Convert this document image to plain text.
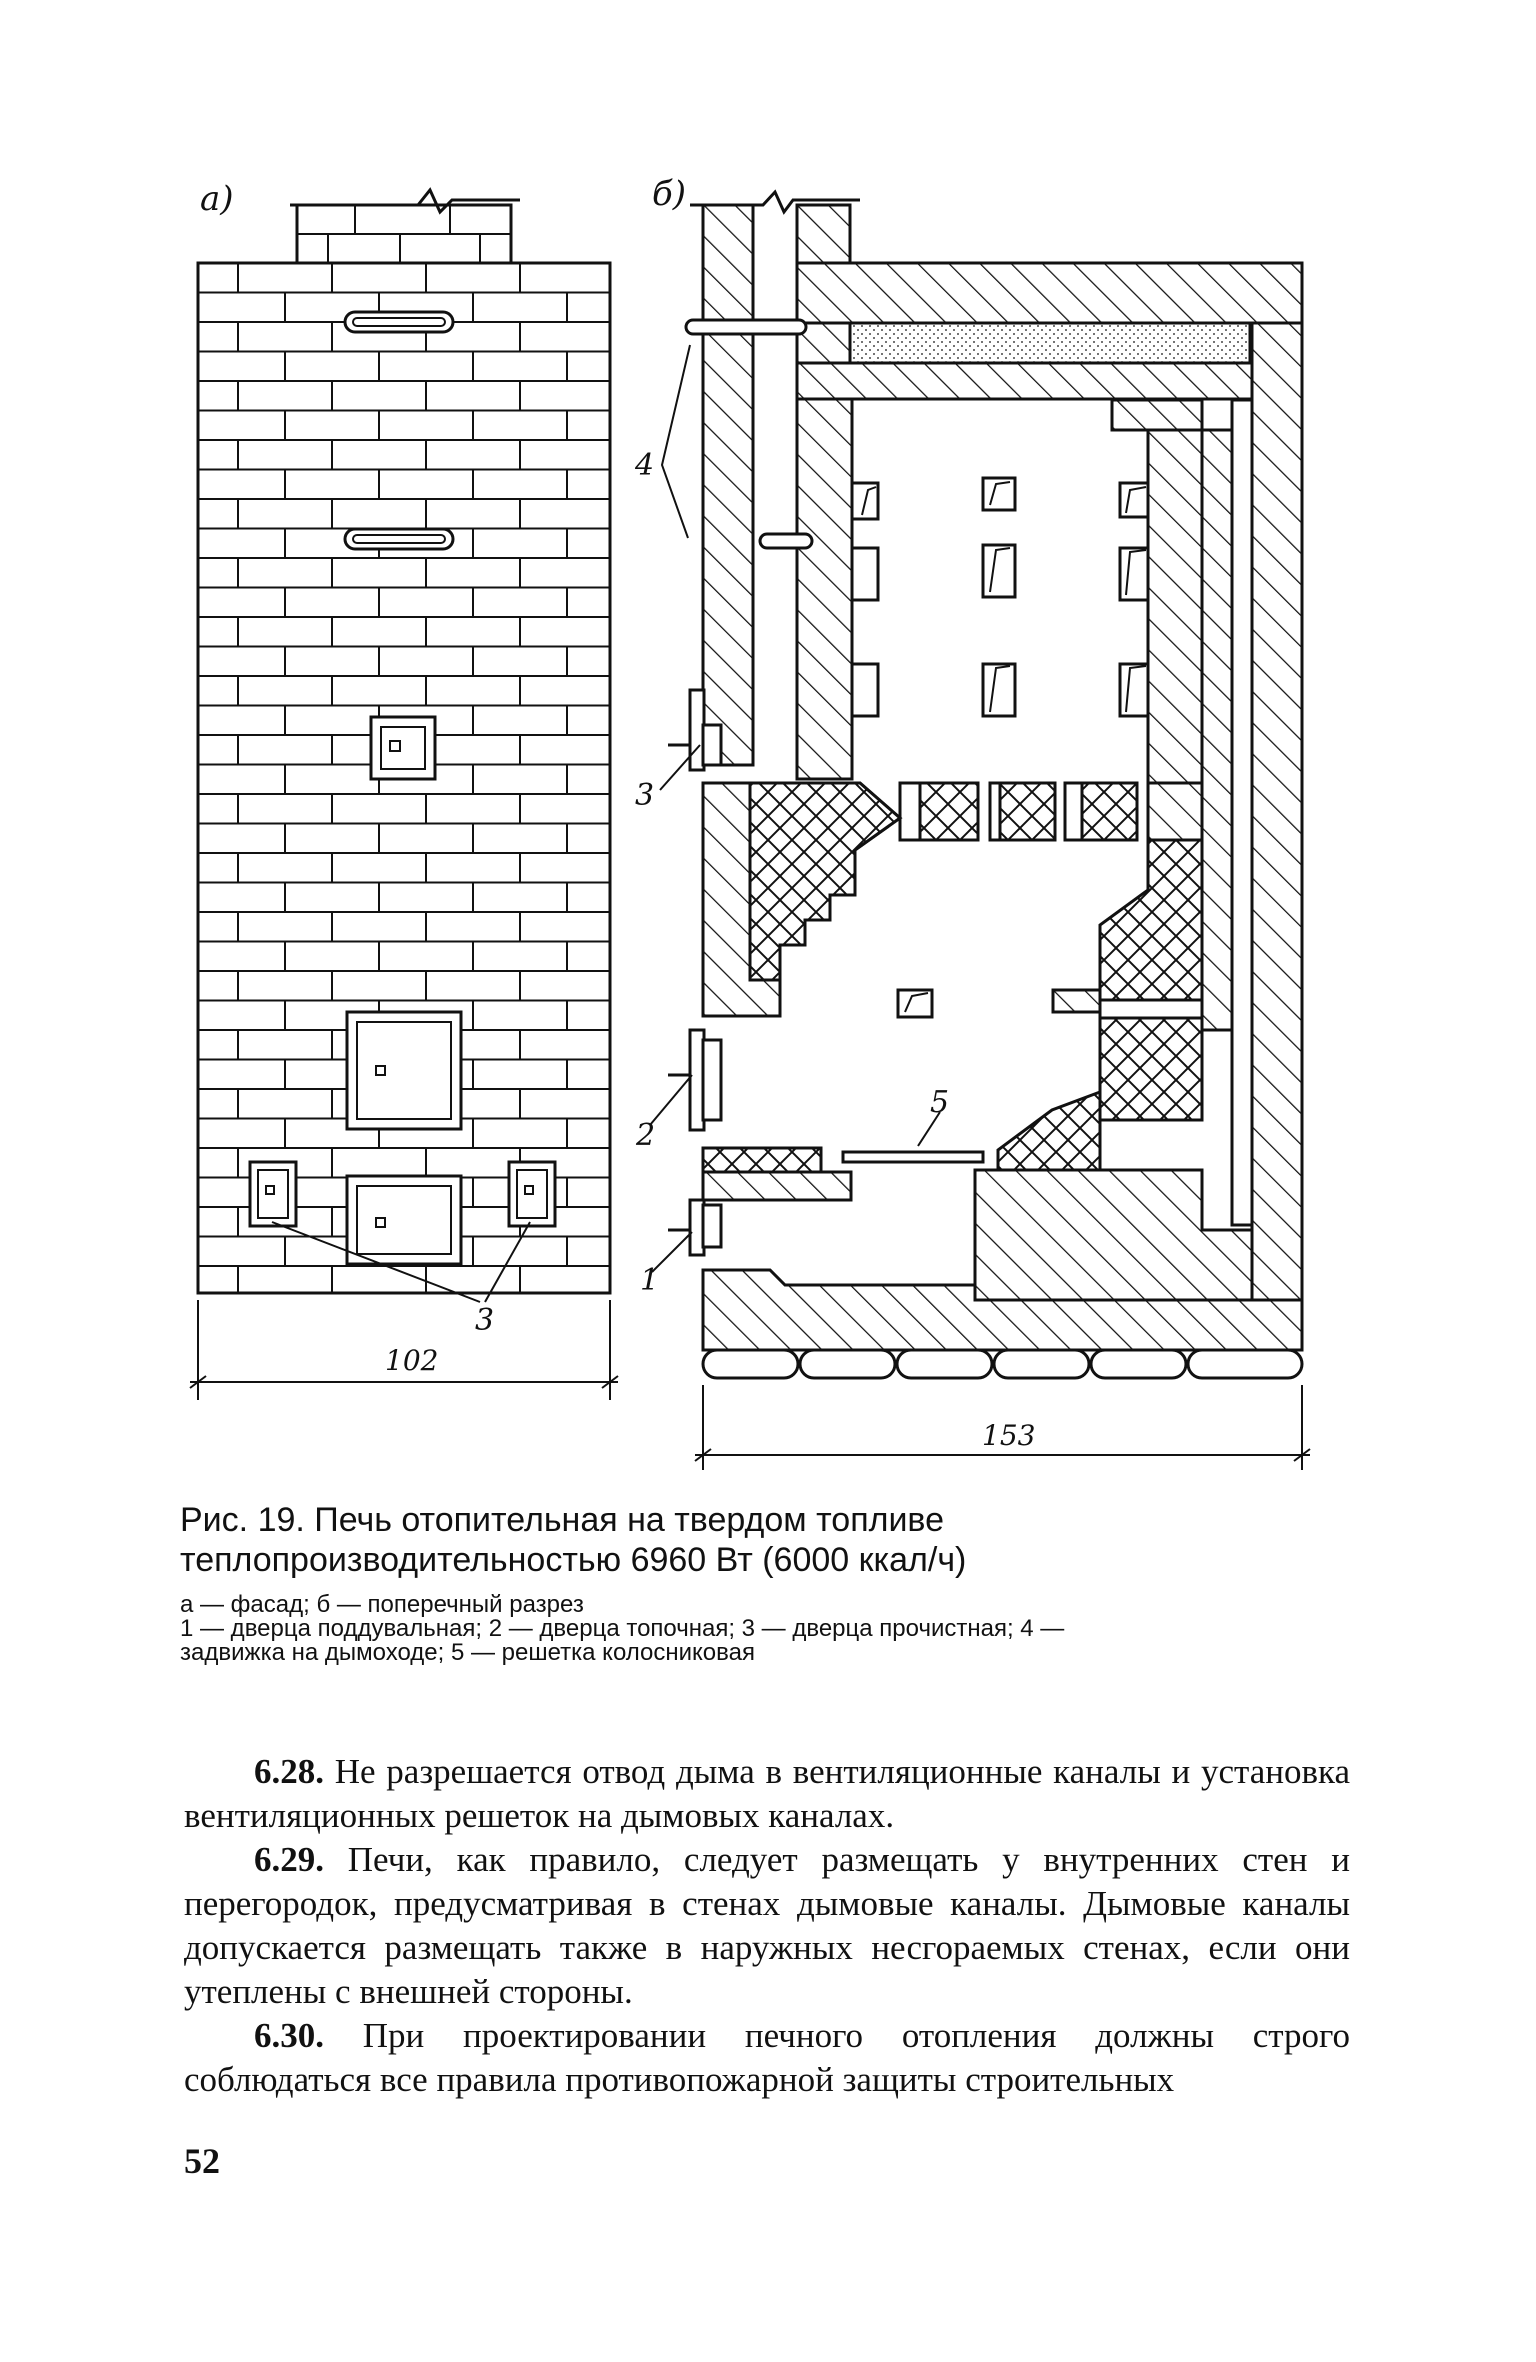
а)	б)
4
3
2
5
1
3
102
153
Рис. 19. Печь отопительная на твердом топливе теплопроизводительностью 6960 Вт (6000 ккал/ч)
а — фасад; б — поперечный разрез
1 — дверца поддувальная; 2 — дверца топочная; 3 — дверца прочистная; 4 —
задвижка на дымоходе; 5 — решетка колосниковая

6.28. Не разрешается отвод дыма в вентиляционные каналы и установка вентиляционных решеток на дымовых каналах.

6.29. Печи, как правило, следует размещать у внутренних стен и перегородок, предусматривая в стенах дымовые каналы. Дымовые каналы допускается размещать также в наружных несгораемых стенах, если они утеплены с внешней стороны.

6.30. При проектировании печного отопления должны строго соблюдаться все правила противопожарной защиты строительных

52
